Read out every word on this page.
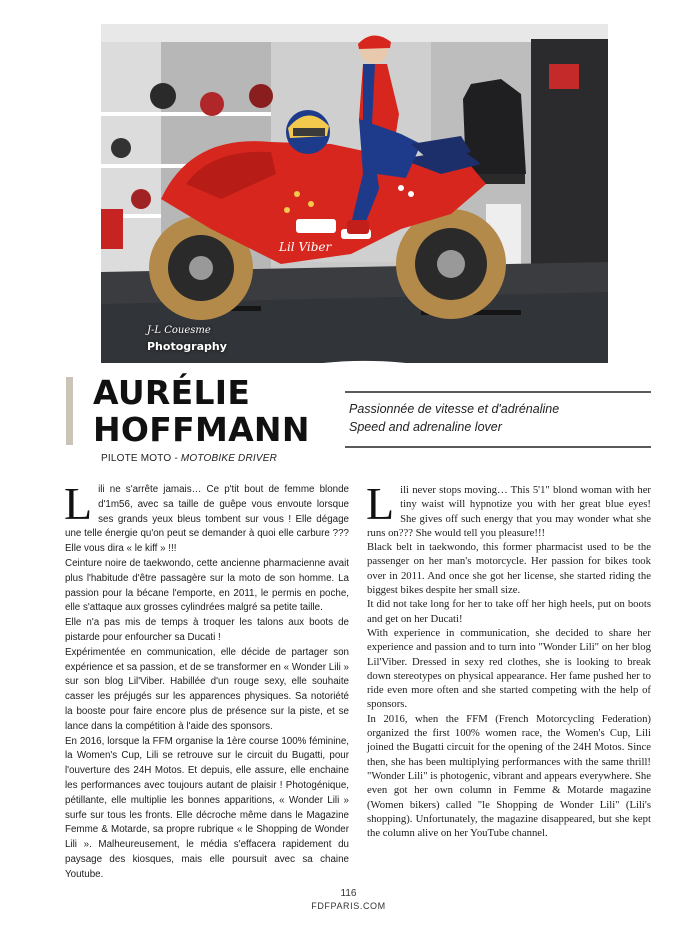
Lil Viber
J-L Couesme
Photography
AURÉLIE
HOFFMANN
PILOTE MOTO - MOTOBIKE DRIVER
Passionnée de vitesse et d'adrénaline
Speed and adrenaline lover
L ili ne s'arrête jamais… Ce p'tit bout de femme blonde d'1m56, avec sa taille de guêpe vous envoute lorsque ses grands yeux bleus tombent sur vous ! Elle dégage une telle énergie qu'on peut se demander à quoi elle carbure ??? Elle vous dira « le kiff » !!!

Ceinture noire de taekwondo, cette ancienne pharmacienne avait plus l'habitude d'être passagère sur la moto de son homme. La passion pour la bécane l'emporte, en 2011, le permis en poche, elle s'attaque aux grosses cylindrées malgré sa petite taille.

Elle n'a pas mis de temps à troquer les talons aux boots de pistarde pour enfourcher sa Ducati !

Expérimentée en communication, elle décide de partager son expérience et sa passion, et de se transformer en « Wonder Lili » sur son blog Lil'Viber. Habillée d'un rouge sexy, elle souhaite casser les préjugés sur les apparences physiques. Sa notoriété la booste pour faire encore plus de présence sur la piste, et se lance dans la compétition à l'aide des sponsors.

En 2016, lorsque la FFM organise la 1ère course 100% féminine, la Women's Cup, Lili se retrouve sur le circuit du Bugatti, pour l'ouverture des 24H Motos. Et depuis, elle assure, elle enchaine les performances avec toujours autant de plaisir ! Photogénique, pétillante, elle multiplie les bonnes apparitions, « Wonder Lili » surfe sur tous les fronts. Elle décroche même dans le Magazine Femme & Motarde, sa propre rubrique « le Shopping de Wonder Lili ». Malheureusement, le média s'effacera rapidement du paysage des kiosques, mais elle poursuit avec sa chaine Youtube.

L ili never stops moving… This 5'1" blond woman with her tiny waist will hypnotize you with her great blue eyes! She gives off such energy that you may wonder what she runs on??? She would tell you pleasure!!!

Black belt in taekwondo, this former pharmacist used to be the passenger on her man's motorcycle. Her passion for bikes took over in 2011. And once she got her license, she started riding the biggest bikes despite her small size.

It did not take long for her to take off her high heels, put on boots and get on her Ducati!

With experience in communication, she decided to share her experience and passion and to turn into "Wonder Lili" on her blog Lil'Viber. Dressed in sexy red clothes, she is looking to break down stereotypes on physical appearance. Her fame pushed her to ride even more often and she started competing with the help of sponsors.

In 2016, when the FFM (French Motorcycling Federation) organized the first 100% women race, the Women's Cup, Lili joined the Bugatti circuit for the opening of the 24H Motos. Since then, she has been multiplying performances with the same thrill! "Wonder Lili" is photogenic, vibrant and appears everywhere. She even got her own column in Femme & Motarde magazine (Women bikers) called "le Shopping de Wonder Lili" (Lili's shopping). Unfortunately, the magazine disappeared, but she kept the column alive on her YouTube channel.

116
FDFPARIS.COM
